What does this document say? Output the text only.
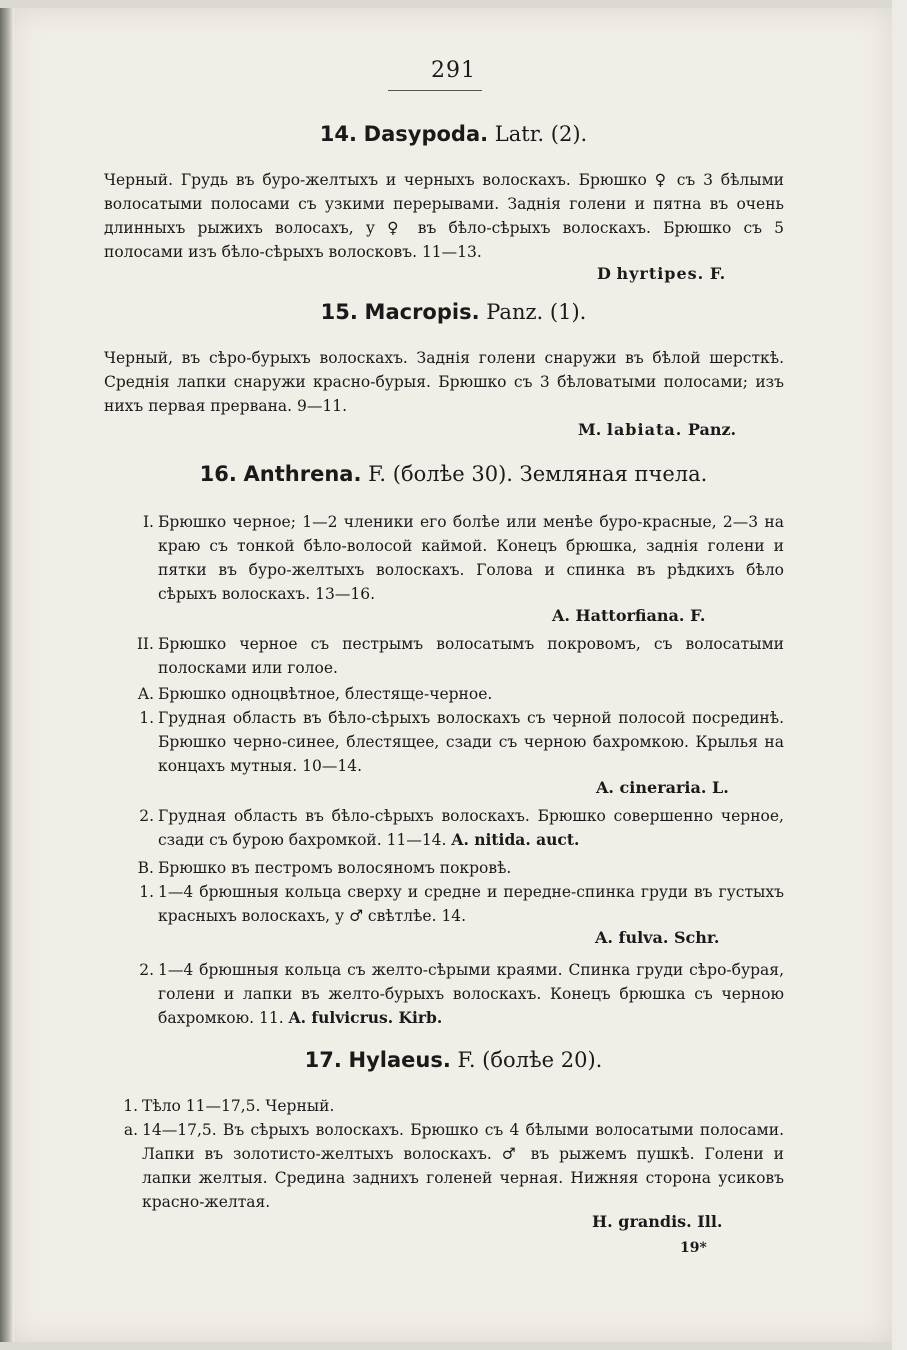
291
14. Dasypoda. Latr. (2).
Черный. Грудь въ буро-желтыхъ и черныхъ волоскахъ. Брюшко ♀ съ 3 бѣлыми волосатыми полосами съ узкими перерывами. Заднія голени и пятна въ очень длинныхъ рыжихъ волосахъ, у ♀ въ бѣло-сѣрыхъ волоскахъ. Брюшко съ 5 полосами изъ бѣло-сѣрыхъ волосковъ. 11—13.
D hyrtipes. F.
15. Macropis. Panz. (1).
Черный, въ сѣро-бурыхъ волоскахъ. Заднія голени снаружи въ бѣлой шерсткѣ. Среднія лапки снаружи красно-бурыя. Брюшко съ 3 бѣловатыми полосами; изъ нихъ первая прервана. 9—11.
M. labiata. Panz.
16. Anthrena. F. (болѣе 30). Земляная пчела.
I. Брюшко черное; 1—2 членики его болѣе или менѣе буро-красные, 2—3 на краю съ тонкой бѣло-волосой каймой. Конецъ брюшка, заднія голени и пятки въ буро-желтыхъ волоскахъ. Голова и спинка въ рѣдкихъ бѣло сѣрыхъ волоскахъ. 13—16.
A. Hattorfiana. F.
II. Брюшко черное съ пестрымъ волосатымъ покровомъ, съ волосатыми полосками или голое.
A. Брюшко одноцвѣтное, блестяще-черное.
1. Грудная область въ бѣло-сѣрыхъ волоскахъ съ черной полосой посрединѣ. Брюшко черно-синее, блестящее, сзади съ черною бахромкою. Крылья на концахъ мутныя. 10—14.
A. cineraria. L.
2. Грудная область въ бѣло-сѣрыхъ волоскахъ. Брюшко совершенно черное, сзади съ бурою бахромкой. 11—14. A. nitida. auct.
B. Брюшко въ пестромъ волосяномъ покровѣ.
1. 1—4 брюшныя кольца сверху и средне и передне-спинка груди въ густыхъ красныхъ волоскахъ, у ♂ свѣтлѣе. 14.
A. fulva. Schr.
2. 1—4 брюшныя кольца съ желто-сѣрыми краями. Спинка груди сѣро-бурая, голени и лапки въ желто-бурыхъ волоскахъ. Конецъ брюшка съ черною бахромкою. 11. A. fulvicrus. Kirb.
17. Hylaeus. F. (болѣе 20).
1. Тѣло 11—17,5. Черный.
a. 14—17,5. Въ сѣрыхъ волоскахъ. Брюшко съ 4 бѣлыми волосатыми полосами. Лапки въ золотисто-желтыхъ волоскахъ. ♂ въ рыжемъ пушкѣ. Голени и лапки желтыя. Средина заднихъ голеней черная. Нижняя сторона усиковъ красно-желтая.
H. grandis. Ill.
19*
